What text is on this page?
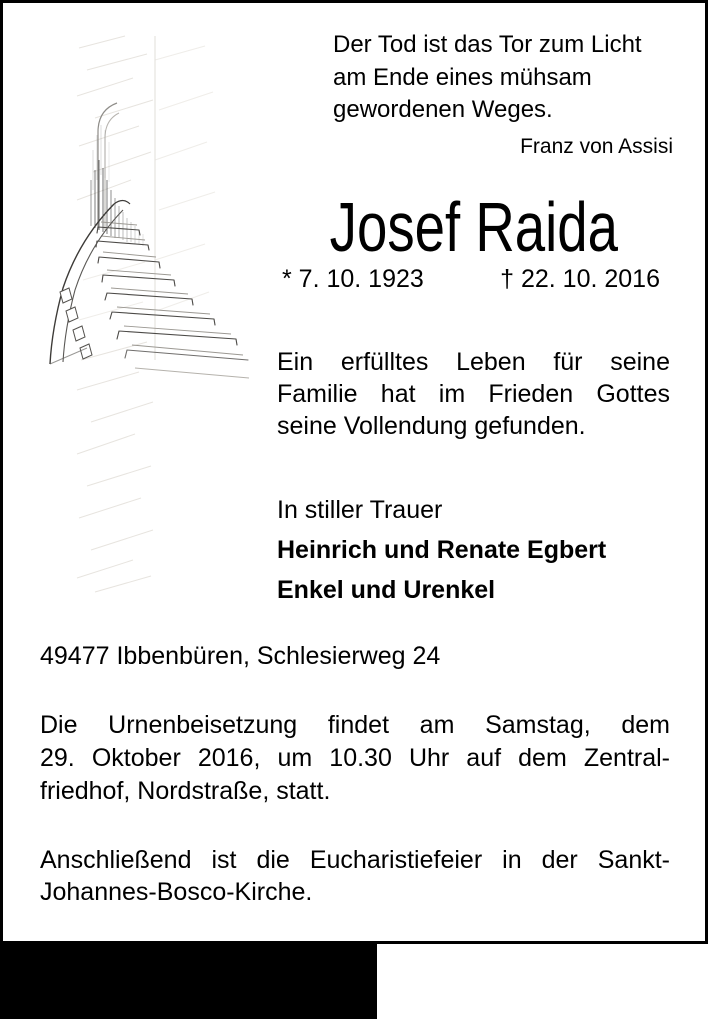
Der Tod ist das Tor zum Licht
am Ende eines mühsam
gewordenen Weges.
Franz von Assisi
Josef Raida
* 7. 10. 1923	† 22. 10. 2016
Ein erfülltes Leben für seine
Familie hat im Frieden Gottes
seine Vollendung gefunden.
In stiller Trauer
Heinrich und Renate Egbert
Enkel und Urenkel
49477 Ibbenbüren, Schlesierweg 24
Die Urnenbeisetzung findet am Samstag, dem
29. Oktober 2016, um 10.30 Uhr auf dem Zentral-
friedhof, Nordstraße, statt.
Anschließend ist die Eucharistiefeier in der Sankt-
Johannes-Bosco-Kirche.
